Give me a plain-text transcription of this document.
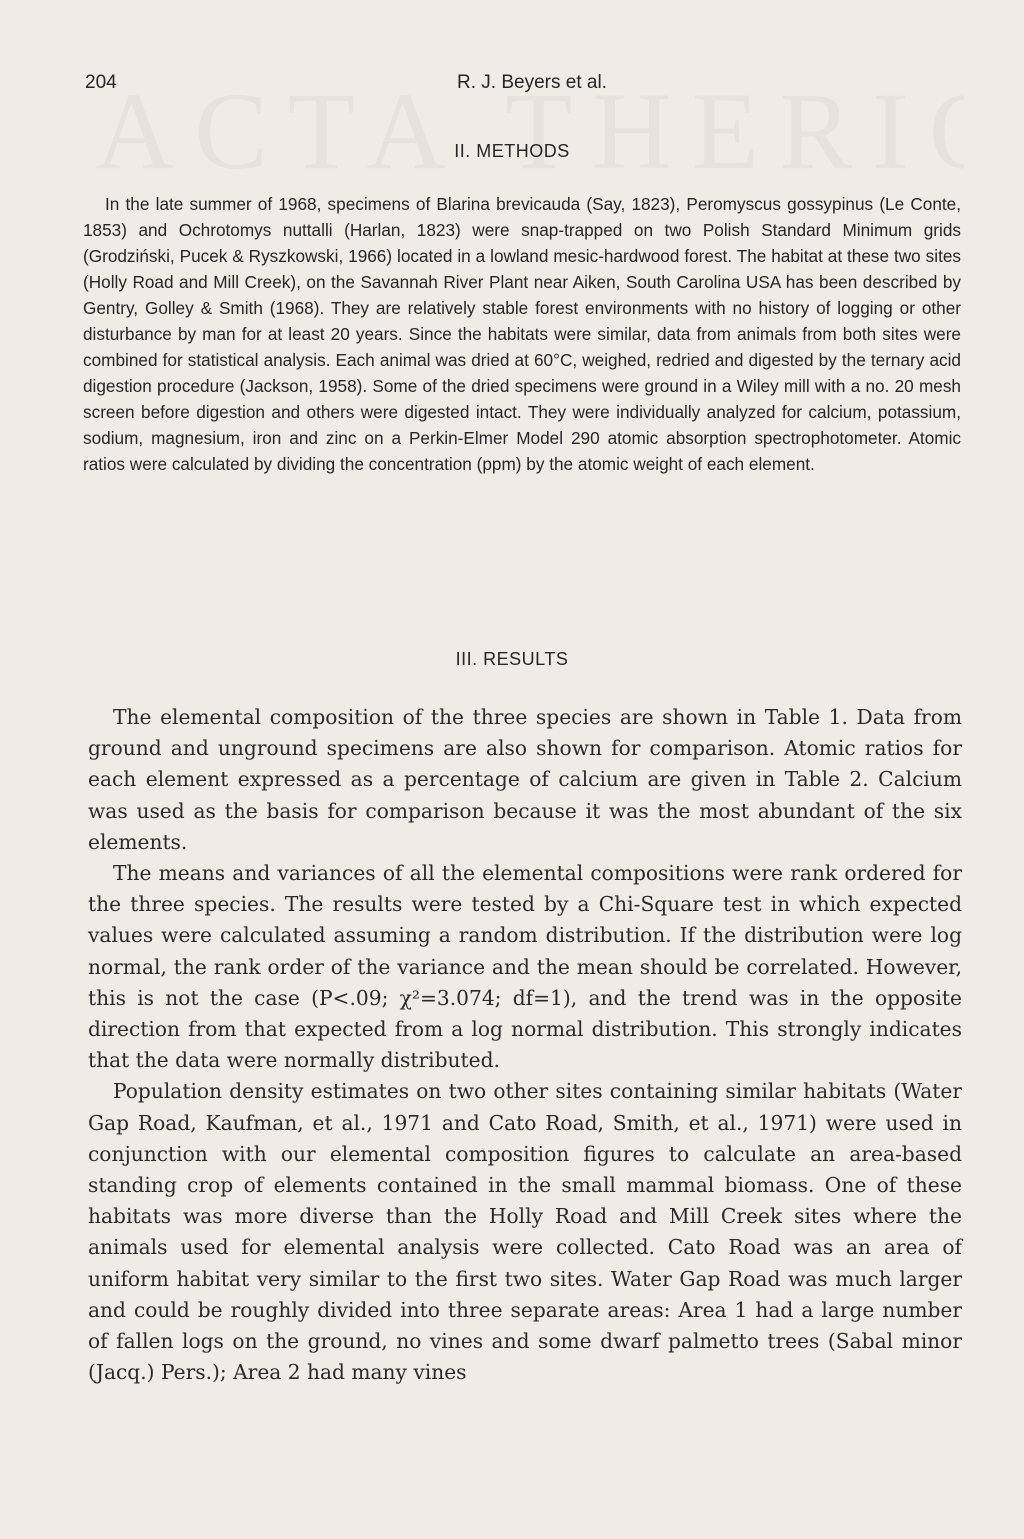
204	R. J. Beyers et al.
II. METHODS

In the late summer of 1968, specimens of Blarina brevicauda (Say, 1823), Peromyscus gossypinus (Le Conte, 1853) and Ochrotomys nuttalli (Harlan, 1823) were snap-trapped on two Polish Standard Minimum grids (Grodziński, Pucek & Ryszkowski, 1966) located in a lowland mesic-hardwood forest. The habitat at these two sites (Holly Road and Mill Creek), on the Savannah River Plant near Aiken, South Carolina USA has been described by Gentry, Golley & Smith (1968). They are relatively stable forest environments with no history of logging or other disturbance by man for at least 20 years. Since the habitats were similar, data from animals from both sites were combined for statistical analysis. Each animal was dried at 60°C, weighed, redried and digested by the ternary acid digestion procedure (Jackson, 1958). Some of the dried specimens were ground in a Wiley mill with a no. 20 mesh screen before digestion and others were digested intact. They were individually analyzed for calcium, potassium, sodium, magnesium, iron and zinc on a Perkin-Elmer Model 290 atomic absorption spectrophotometer. Atomic ratios were calculated by dividing the concentration (ppm) by the atomic weight of each element.

III. RESULTS

The elemental composition of the three species are shown in Table 1. Data from ground and unground specimens are also shown for comparison. Atomic ratios for each element expressed as a percentage of calcium are given in Table 2. Calcium was used as the basis for comparison because it was the most abundant of the six elements.

The means and variances of all the elemental compositions were rank ordered for the three species. The results were tested by a Chi-Square test in which expected values were calculated assuming a random distribution. If the distribution were log normal, the rank order of the variance and the mean should be correlated. However, this is not the case (P<.09; χ²=3.074; df=1), and the trend was in the opposite direction from that expected from a log normal distribution. This strongly indicates that the data were normally distributed.

Population density estimates on two other sites containing similar habitats (Water Gap Road, Kaufman, et al., 1971 and Cato Road, Smith, et al., 1971) were used in conjunction with our elemental composition figures to calculate an area-based standing crop of elements contained in the small mammal biomass. One of these habitats was more diverse than the Holly Road and Mill Creek sites where the animals used for elemental analysis were collected. Cato Road was an area of uniform habitat very similar to the first two sites. Water Gap Road was much larger and could be roughly divided into three separate areas: Area 1 had a large number of fallen logs on the ground, no vines and some dwarf palmetto trees (Sabal minor (Jacq.) Pers.); Area 2 had many vines
